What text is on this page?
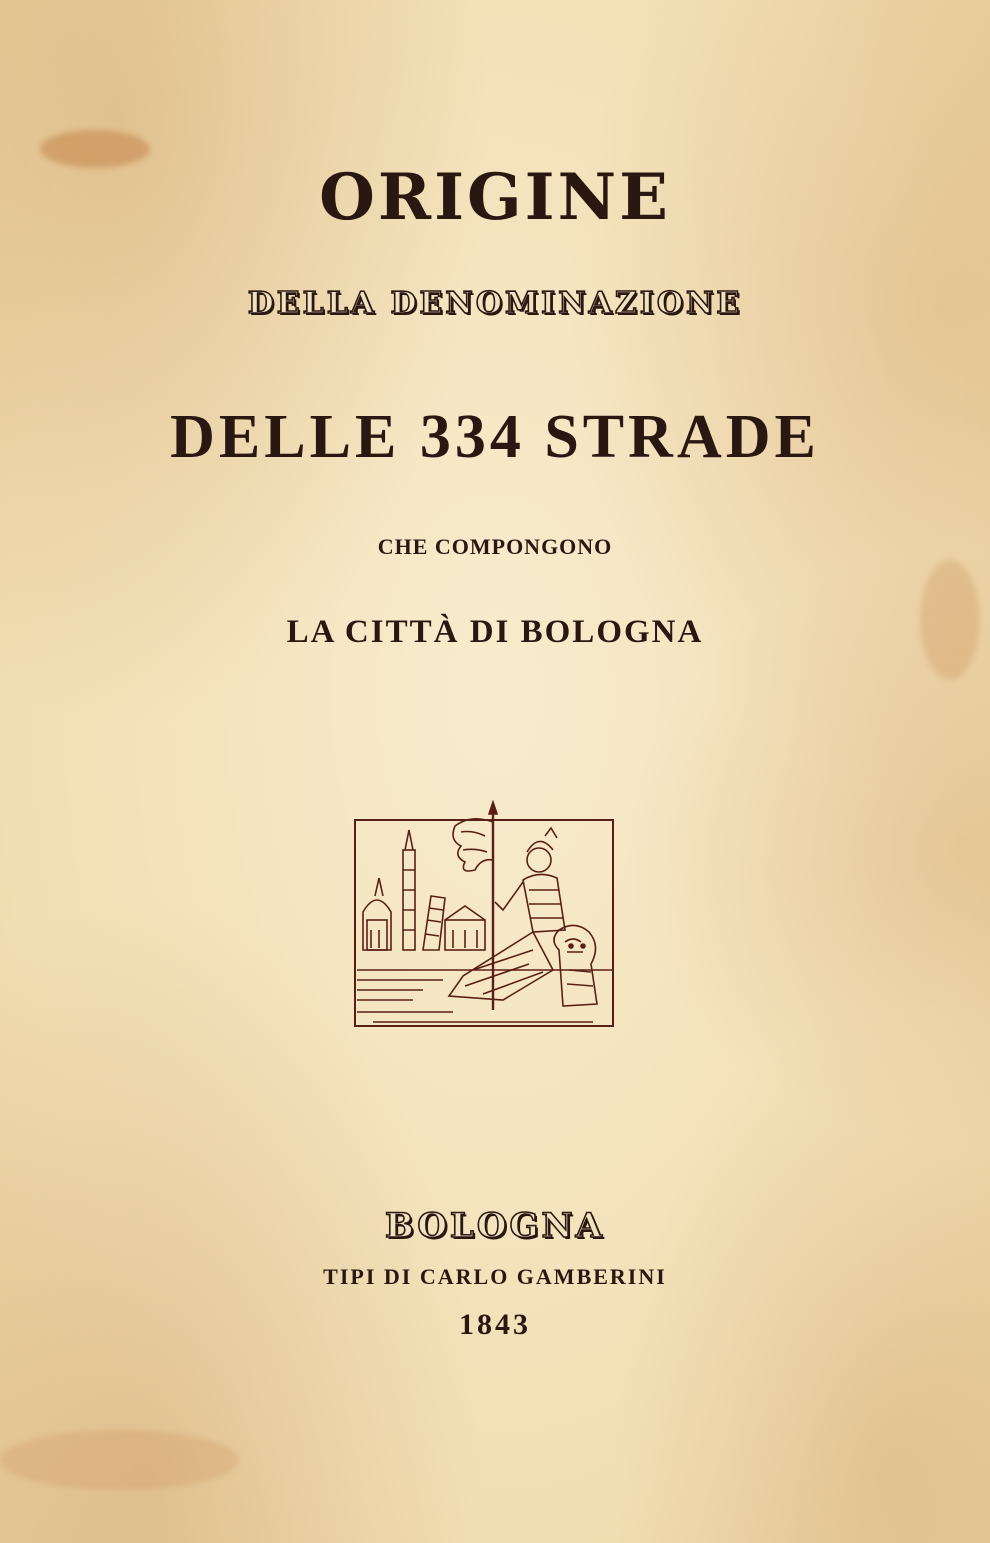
ORIGINE
DELLA DENOMINAZIONE
DELLE 334 STRADE
CHE COMPONGONO
LA CITTÀ DI BOLOGNA
BOLOGNA
TIPI DI CARLO GAMBERINI
1843
